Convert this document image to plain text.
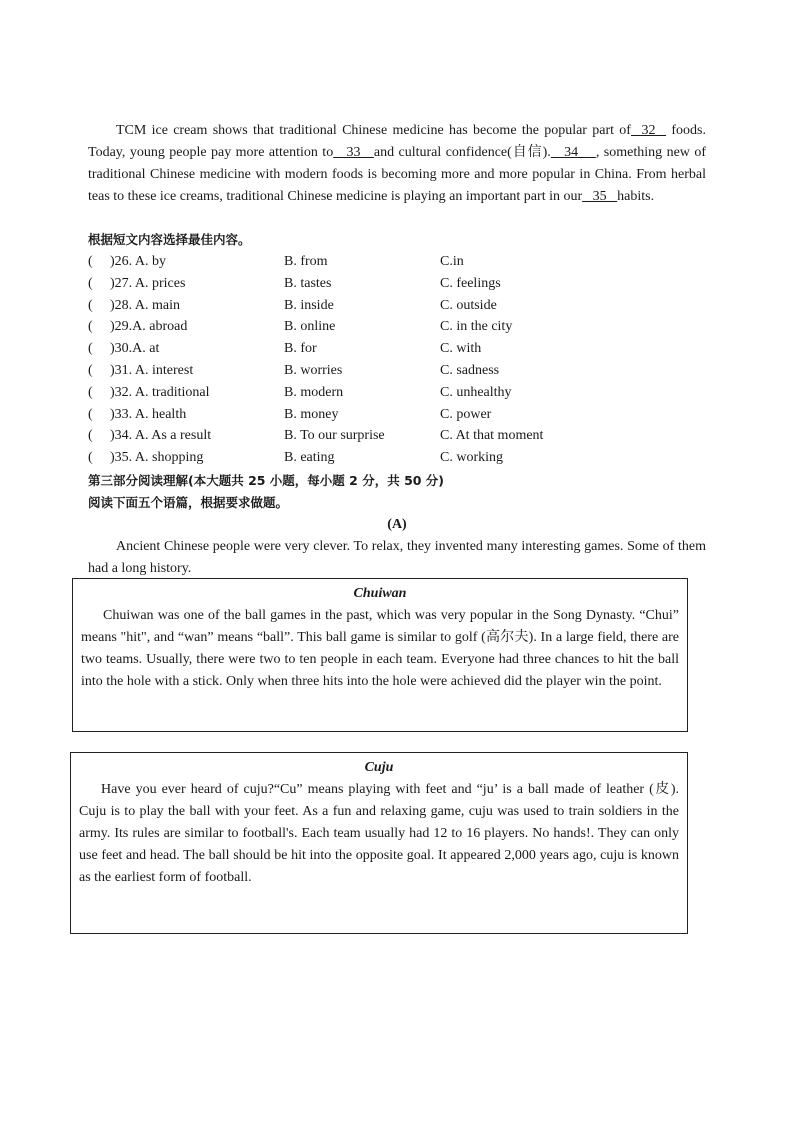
TCM ice cream shows that traditional Chinese medicine has become the popular part of  32   foods. Today, young people pay more attention to   33   and cultural confidence(自信).   34    , something new of traditional Chinese medicine with modern foods is becoming more and more popular in China. From herbal teas to these ice creams, traditional Chinese medicine is playing an important part in our   35   habits.

根据短文内容选择最佳内容。

( )26. A. by	B. from	C.in
( )27. A. prices	B. tastes	C. feelings
( )28. A. main	B. inside	C. outside
( )29.A. abroad	B. online	C. in the city
( )30.A. at	B. for	C. with
( )31. A. interest	B. worries	C. sadness
( )32. A. traditional	B. modern	C. unhealthy
( )33. A. health	B. money	C. power
( )34. A. As a result	B. To our surprise	C. At that moment
( )35. A. shopping	B. eating	C. working

第三部分阅读理解(本大题共 25 小题，每小题 2 分，共 50 分)

阅读下面五个语篇，根据要求做题。

(A)

Ancient Chinese people were very clever. To relax, they invented many interesting games. Some of them had a long history.

Chuiwan

Chuiwan was one of the ball games in the past, which was very popular in the Song Dynasty. “Chui” means "hit", and “wan” means “ball”. This ball game is similar to golf (高尔夫). In a large field, there are two teams. Usually, there were two to ten people in each team. Everyone had three chances to hit the ball into the hole with a stick. Only when three hits into the hole were achieved did the player win the point.

Cuju

Have you ever heard of cuju?“Cu” means playing with feet and “ju’ is a ball made of leather (皮). Cuju is to play the ball with your feet. As a fun and relaxing game, cuju was used to train soldiers in the army. Its rules are similar to football's. Each team usually had 12 to 16 players. No hands!. They can only use feet and head. The ball should be hit into the opposite goal. It appeared 2,000 years ago, cuju is known as the earliest form of football.
